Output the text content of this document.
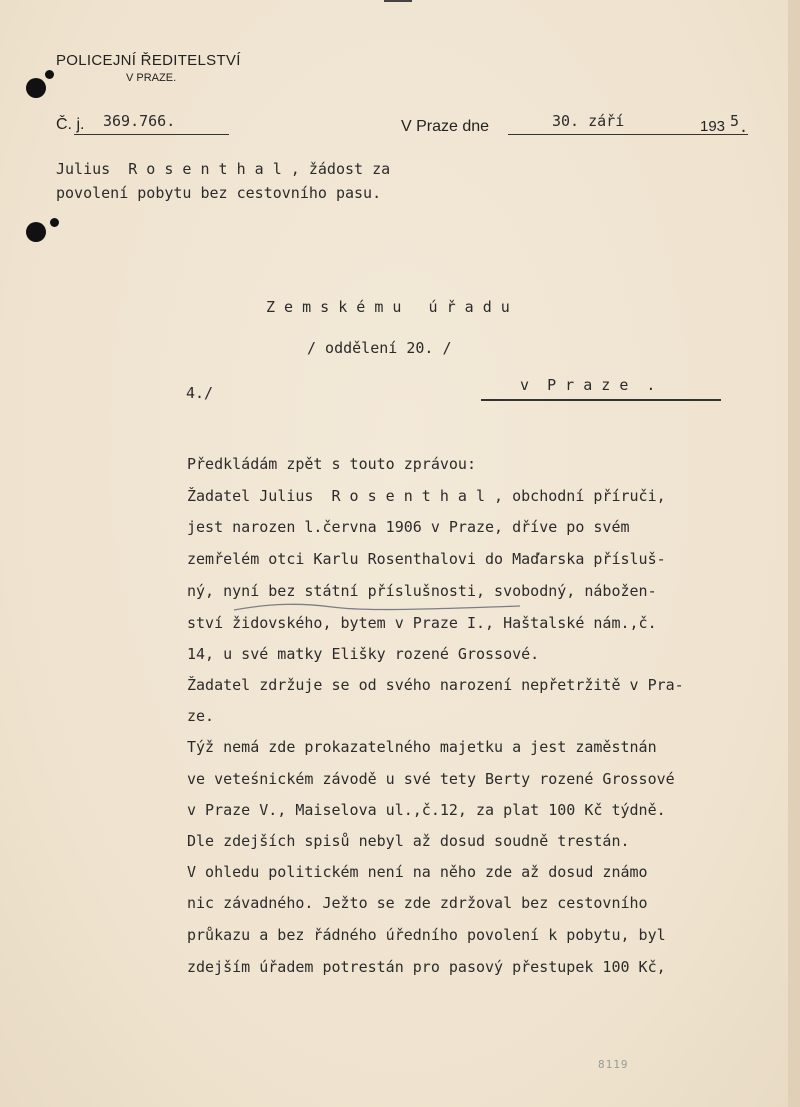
POLICEJNÍ ŘEDITELSTVÍ
V PRAZE.
Č. j. 369.766.	V Praze dne	30. září	193 5.
Julius  R o s e n t h a l , žádost za
povolení pobytu bez cestovního pasu.
Z e m s k é m u   ú ř a d u
/ oddělení 20. /
4./	v  P r a z e  .
Předkládám zpět s touto zprávou:
Žadatel Julius  R o s e n t h a l , obchodní příruči,
jest narozen l.června 1906 v Praze, dříve po svém
zemřelém otci Karlu Rosenthalovi do Maďarska přísluš-
ný, nyní bez státní příslušnosti, svobodný, nábožen-
ství židovského, bytem v Praze I., Haštalské nám.,č.
14, u své matky Elišky rozené Grossové.
Žadatel zdržuje se od svého narození nepřetržitě v Pra-
ze.
Týž nemá zde prokazatelného majetku a jest zaměstnán
ve veteśnickém závodě u své tety Berty rozené Grossové
v Praze V., Maiselova ul.,č.12, za plat 100 Kč týdně.
Dle zdejších spisů nebyl až dosud soudně trestán.
V ohledu politickém není na něho zde až dosud známo
nic závadného. Ježto se zde zdržoval bez cestovního
průkazu a bez řádného úředního povolení k pobytu, byl
zdejším úřadem potrestán pro pasový přestupek 100 Kč,
8119
